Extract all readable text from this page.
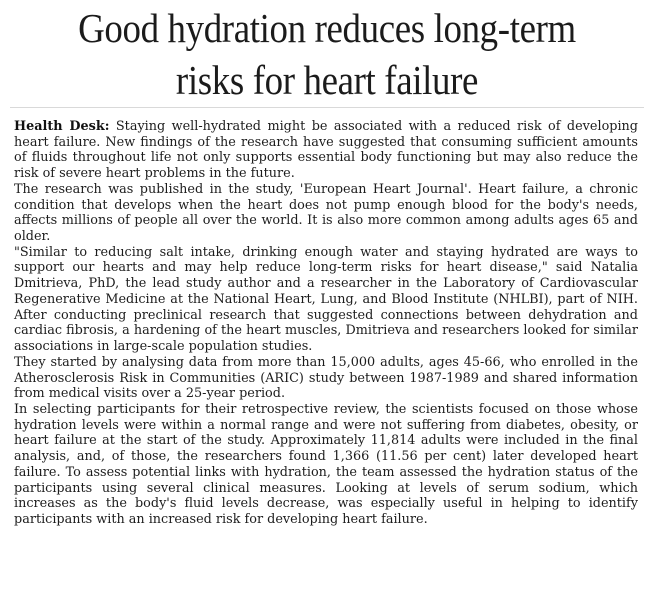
Good hydration reduces long-term
risks for heart failure

Health Desk: Staying well-hydrated might be associated with a reduced risk of developing heart failure. New findings of the research have suggested that consuming sufficient amounts of fluids throughout life not only supports essential body functioning but may also reduce the risk of severe heart problems in the future.

The research was published in the study, 'European Heart Journal'. Heart failure, a chronic condition that develops when the heart does not pump enough blood for the body's needs, affects millions of people all over the world. It is also more common among adults ages 65 and older.

"Similar to reducing salt intake, drinking enough water and staying hydrated are ways to support our hearts and may help reduce long-term risks for heart disease," said Natalia Dmitrieva, PhD, the lead study author and a researcher in the Laboratory of Cardiovascular Regenerative Medicine at the National Heart, Lung, and Blood Institute (NHLBI), part of NIH. After conducting preclinical research that suggested connections between dehydration and cardiac fibrosis, a hardening of the heart muscles, Dmitrieva and researchers looked for similar associations in large-scale population studies.

They started by analysing data from more than 15,000 adults, ages 45-66, who enrolled in the Atherosclerosis Risk in Communities (ARIC) study between 1987-1989 and shared information from medical visits over a 25-year period.

In selecting participants for their retrospective review, the scientists focused on those whose hydration levels were within a normal range and were not suffering from diabetes, obesity, or heart failure at the start of the study. Approximately 11,814 adults were included in the final analysis, and, of those, the researchers found 1,366 (11.56 per cent) later developed heart failure. To assess potential links with hydration, the team assessed the hydration status of the participants using several clinical measures. Looking at levels of serum sodium, which increases as the body's fluid levels decrease, was especially useful in helping to identify participants with an increased risk for developing heart failure.
